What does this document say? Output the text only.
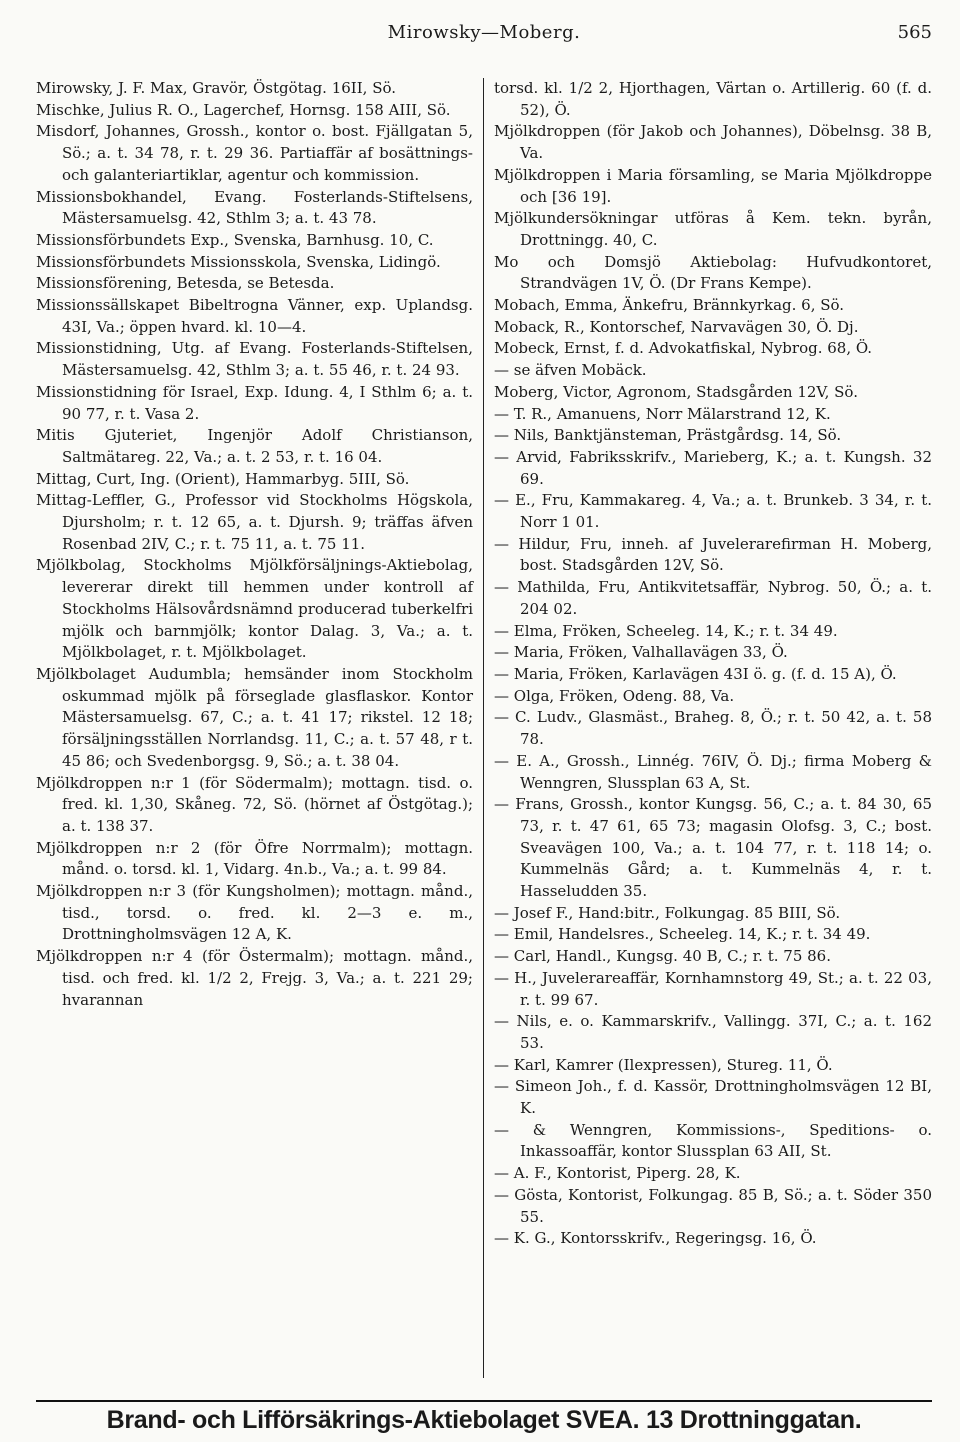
Mirowsky—Moberg.	565
Mirowsky, J. F. Max, Gravör, Östgötag. 16II, Sö.
Mischke, Julius R. O., Lagerchef, Hornsg. 158 AIII, Sö.
Misdorf, Johannes, Grossh., kontor o. bost. Fjällgatan 5, Sö.; a. t. 34 78, r. t. 29 36. Partiaffär af bosättnings- och galanteriartiklar, agentur och kommission.
Missionsbokhandel, Evang. Fosterlands-Stiftelsens, Mästersamuelsg. 42, Sthlm 3; a. t. 43 78.
Missionsförbundets Exp., Svenska, Barnhusg. 10, C.
Missionsförbundets Missionsskola, Svenska, Lidingö.
Missionsförening, Betesda, se Betesda.
Missionssällskapet Bibeltrogna Vänner, exp. Uplandsg. 43I, Va.; öppen hvard. kl. 10—4.
Missionstidning, Utg. af Evang. Fosterlands-Stiftelsen, Mästersamuelsg. 42, Sthlm 3; a. t. 55 46, r. t. 24 93.
Missionstidning för Israel, Exp. Idung. 4, I Sthlm 6; a. t. 90 77, r. t. Vasa 2.
Mitis Gjuteriet, Ingenjör Adolf Christianson, Saltmätareg. 22, Va.; a. t. 2 53, r. t. 16 04.
Mittag, Curt, Ing. (Orient), Hammarbyg. 5III, Sö.
Mittag-Leffler, G., Professor vid Stockholms Högskola, Djursholm; r. t. 12 65, a. t. Djursh. 9; träffas äfven Rosenbad 2IV, C.; r. t. 75 11, a. t. 75 11.
Mjölkbolag, Stockholms Mjölkförsäljnings-Aktiebolag, levererar direkt till hemmen under kontroll af Stockholms Hälsovårdsnämnd producerad tuberkelfri mjölk och barnmjölk; kontor Dalag. 3, Va.; a. t. Mjölkbolaget, r. t. Mjölkbolaget.
Mjölkbolaget Audumbla; hemsänder inom Stockholm oskummad mjölk på förseglade glasflaskor. Kontor Mästersamuelsg. 67, C.; a. t. 41 17; rikstel. 12 18; försäljningsställen Norrlandsg. 11, C.; a. t. 57 48, r t. 45 86; och Svedenborgsg. 9, Sö.; a. t. 38 04.
Mjölkdroppen n:r 1 (för Södermalm); mottagn. tisd. o. fred. kl. 1,30, Skåneg. 72, Sö. (hörnet af Östgötag.); a. t. 138 37.
Mjölkdroppen n:r 2 (för Öfre Norrmalm); mottagn. månd. o. torsd. kl. 1, Vidarg. 4n.b., Va.; a. t. 99 84.
Mjölkdroppen n:r 3 (för Kungsholmen); mottagn. månd., tisd., torsd. o. fred. kl. 2—3 e. m., Drottningholmsvägen 12 A, K.
Mjölkdroppen n:r 4 (för Östermalm); mottagn. månd., tisd. och fred. kl. 1/2 2, Frejg. 3, Va.; a. t. 221 29; hvarannan
torsd. kl. 1/2 2, Hjorthagen, Värtan o. Artillerig. 60 (f. d. 52), Ö.
Mjölkdroppen (för Jakob och Johannes), Döbelnsg. 38 B, Va.
Mjölkdroppen i Maria församling, se Maria Mjölkdroppe och [36 19].
Mjölkundersökningar utföras å Kem. tekn. byrån, Drottningg. 40, C.
Mo och Domsjö Aktiebolag: Hufvudkontoret, Strandvägen 1V, Ö. (Dr Frans Kempe).
Mobach, Emma, Änkefru, Brännkyrkag. 6, Sö.
Moback, R., Kontorschef, Narvavägen 30, Ö. Dj.
Mobeck, Ernst, f. d. Advokatfiskal, Nybrog. 68, Ö.
— se äfven Mobäck.
Moberg, Victor, Agronom, Stadsgården 12V, Sö.
— T. R., Amanuens, Norr Mälarstrand 12, K.
— Nils, Banktjänsteman, Prästgårdsg. 14, Sö.
— Arvid, Fabriksskrifv., Marieberg, K.; a. t. Kungsh. 32 69.
— E., Fru, Kammakareg. 4, Va.; a. t. Brunkeb. 3 34, r. t. Norr 1 01.
— Hildur, Fru, inneh. af Juvelerarefirman H. Moberg, bost. Stadsgården 12V, Sö.
— Mathilda, Fru, Antikvitetsaffär, Nybrog. 50, Ö.; a. t. 204 02.
— Elma, Fröken, Scheeleg. 14, K.; r. t. 34 49.
— Maria, Fröken, Valhallavägen 33, Ö.
— Maria, Fröken, Karlavägen 43I ö. g. (f. d. 15 A), Ö.
— Olga, Fröken, Odeng. 88, Va.
— C. Ludv., Glasmäst., Braheg. 8, Ö.; r. t. 50 42, a. t. 58 78.
— E. A., Grossh., Linnég. 76IV, Ö. Dj.; firma Moberg & Wenngren, Slussplan 63 A, St.
— Frans, Grossh., kontor Kungsg. 56, C.; a. t. 84 30, 65 73, r. t. 47 61, 65 73; magasin Olofsg. 3, C.; bost. Sveavägen 100, Va.; a. t. 104 77, r. t. 118 14; o. Kummelnäs Gård; a. t. Kummelnäs 4, r. t. Hasseludden 35.
— Josef F., Hand:bitr., Folkungag. 85 BIII, Sö.
— Emil, Handelsres., Scheeleg. 14, K.; r. t. 34 49.
— Carl, Handl., Kungsg. 40 B, C.; r. t. 75 86.
— H., Juvelerareaffär, Kornhamnstorg 49, St.; a. t. 22 03, r. t. 99 67.
— Nils, e. o. Kammarskrifv., Vallingg. 37I, C.; a. t. 162 53.
— Karl, Kamrer (Ilexpressen), Stureg. 11, Ö.
— Simeon Joh., f. d. Kassör, Drottningholmsvägen 12 BI, K.
— & Wenngren, Kommissions-, Speditions- o. Inkassoaffär, kontor Slussplan 63 AII, St.
— A. F., Kontorist, Piperg. 28, K.
— Gösta, Kontorist, Folkungag. 85 B, Sö.; a. t. Söder 350 55.
— K. G., Kontorsskrifv., Regeringsg. 16, Ö.
Brand- och Lifförsäkrings-Aktiebolaget SVEA. 13 Drottninggatan.
